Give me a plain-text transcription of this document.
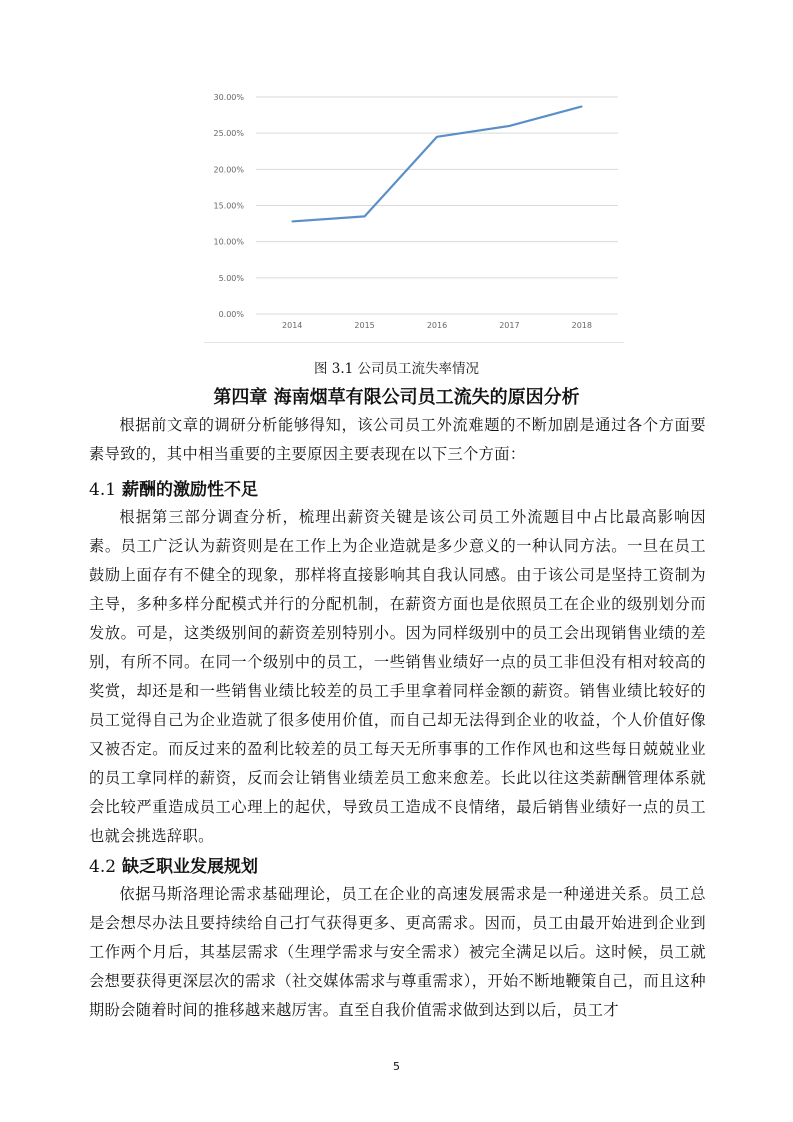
0.00%
5.00%
10.00%
15.00%
20.00%
25.00%
30.00%
2014	2015	2016	2017	2018
图 3.1 公司员工流失率情况
第四章 海南烟草有限公司员工流失的原因分析

根据前文章的调研分析能够得知，该公司员工外流难题的不断加剧是通过各个方面要素导致的，其中相当重要的主要原因主要表现在以下三个方面：

4.1 薪酬的激励性不足

根据第三部分调查分析，梳理出薪资关键是该公司员工外流题目中占比最高影响因素。员工广泛认为薪资则是在工作上为企业造就是多少意义的一种认同方法。一旦在员工鼓励上面存有不健全的现象，那样将直接影响其自我认同感。由于该公司是坚持工资制为主导，多种多样分配模式并行的分配机制，在薪资方面也是依照员工在企业的级别划分而发放。可是，这类级别间的薪资差别特别小。因为同样级别中的员工会出现销售业绩的差别，有所不同。在同一个级别中的员工，一些销售业绩好一点的员工非但没有相对较高的奖赏，却还是和一些销售业绩比较差的员工手里拿着同样金额的薪资。销售业绩比较好的员工觉得自己为企业造就了很多使用价值，而自己却无法得到企业的收益，个人价值好像又被否定。而反过来的盈利比较差的员工每天无所事事的工作作风也和这些每日兢兢业业的员工拿同样的薪资，反而会让销售业绩差员工愈来愈差。长此以往这类薪酬管理体系就会比较严重造成员工心理上的起伏，导致员工造成不良情绪，最后销售业绩好一点的员工也就会挑选辞职。

4.2 缺乏职业发展规划

依据马斯洛理论需求基础理论，员工在企业的高速发展需求是一种递进关系。员工总是会想尽办法且要持续给自己打气获得更多、更高需求。因而，员工由最开始进到企业到工作两个月后，其基层需求（生理学需求与安全需求）被完全满足以后。这时候，员工就会想要获得更深层次的需求（社交媒体需求与尊重需求），开始不断地鞭策自己，而且这种期盼会随着时间的推移越来越厉害。直至自我价值需求做到达到以后，员工才

5
